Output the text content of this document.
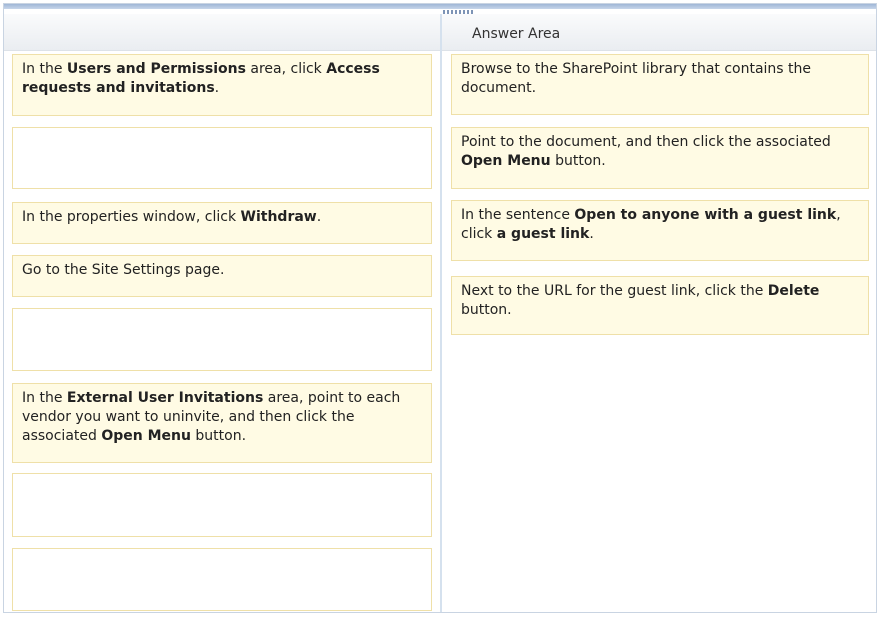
Answer Area
In the Users and Permissions area, click Access requests and invitations.
In the properties window, click Withdraw.
Go to the Site Settings page.
In the External User Invitations area, point to each vendor you want to uninvite, and then click the associated Open Menu button.
Browse to the SharePoint library that contains the document.
Point to the document, and then click the associated Open Menu button.
In the sentence Open to anyone with a guest link, click a guest link.
Next to the URL for the guest link, click the Delete button.
